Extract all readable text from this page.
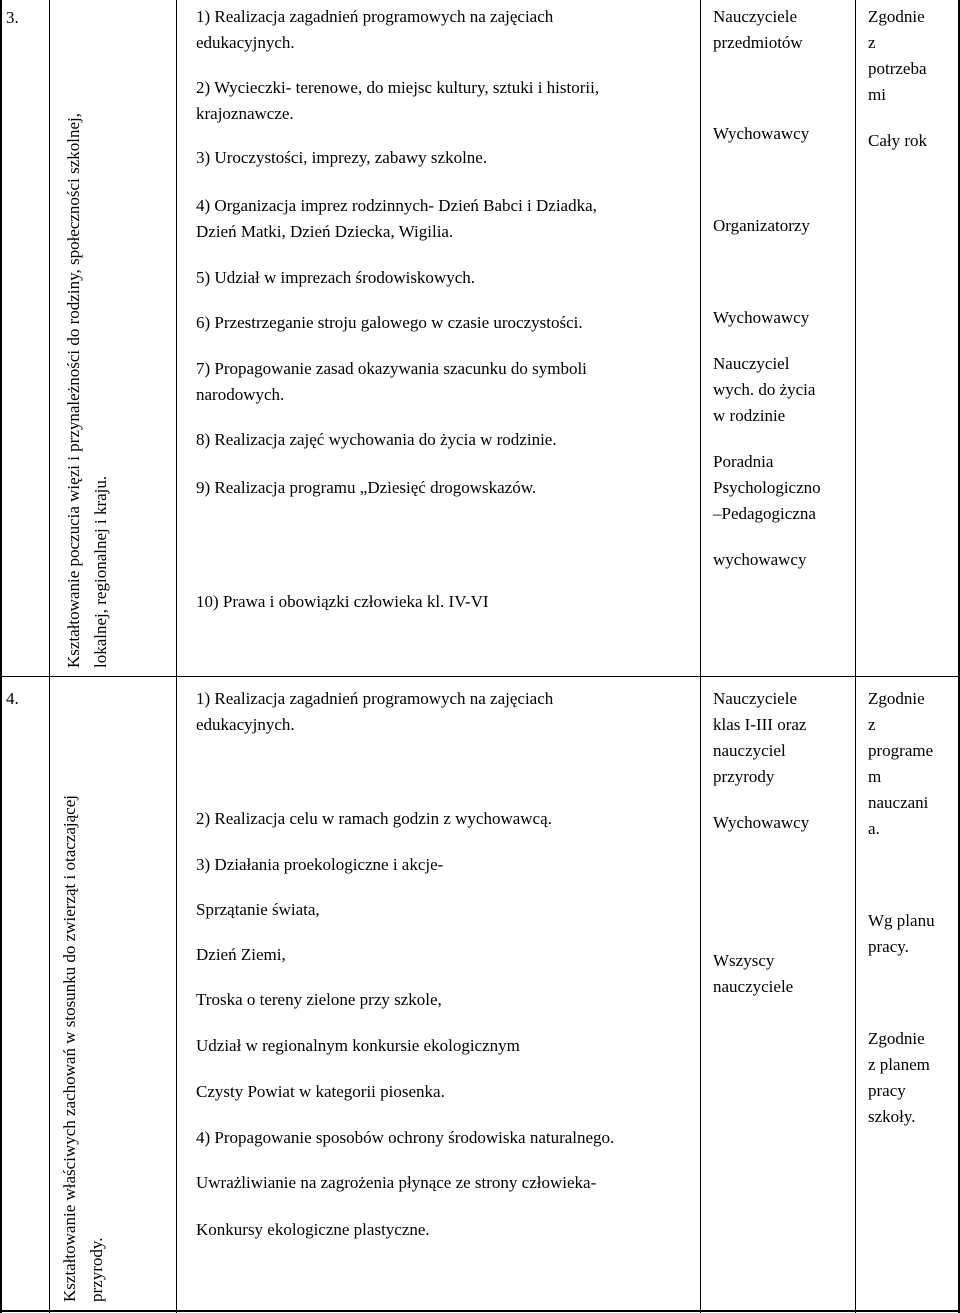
3.
Kształtowanie poczucia więzi i przynależności do rodziny, społeczności szkolnej, lokalnej, regionalnej i kraju.
1) Realizacja zagadnień programowych na zajęciach
edukacyjnych.
2) Wycieczki- terenowe, do miejsc kultury, sztuki i historii,
krajoznawcze.
3) Uroczystości, imprezy, zabawy szkolne.
4) Organizacja imprez rodzinnych- Dzień Babci i Dziadka,
Dzień Matki, Dzień Dziecka, Wigilia.
5) Udział w imprezach środowiskowych.
6) Przestrzeganie stroju galowego w czasie uroczystości.
7) Propagowanie zasad okazywania szacunku do symboli
narodowych.
8) Realizacja zajęć wychowania do życia w rodzinie.
9) Realizacja programu „Dziesięć drogowskazów.
10) Prawa i obowiązki człowieka kl. IV-VI
Nauczyciele
przedmiotów
Wychowawcy
Organizatorzy
Wychowawcy
Nauczyciel
wych. do życia
w rodzinie
Poradnia
Psychologiczno
–Pedagogiczna
wychowawcy
Zgodnie
z
potrzeba
mi
Cały rok
4.
Kształtowanie właściwych zachowań w stosunku do zwierząt i otaczającej przyrody.
1) Realizacja zagadnień programowych na zajęciach
edukacyjnych.
2) Realizacja celu w ramach godzin z wychowawcą.
3) Działania proekologiczne i akcje-
Sprzątanie świata,
Dzień Ziemi,
Troska o tereny zielone przy szkole,
Udział w regionalnym konkursie ekologicznym
Czysty Powiat w kategorii piosenka.
4) Propagowanie sposobów ochrony środowiska naturalnego.
Uwrażliwianie na zagrożenia płynące ze strony człowieka-
Konkursy ekologiczne plastyczne.
Nauczyciele
klas I-III oraz
nauczyciel
przyrody
Wychowawcy
Wszyscy
nauczyciele
Zgodnie
z
programe
m
nauczani
a.
Wg planu
pracy.
Zgodnie
z planem
pracy
szkoły.
